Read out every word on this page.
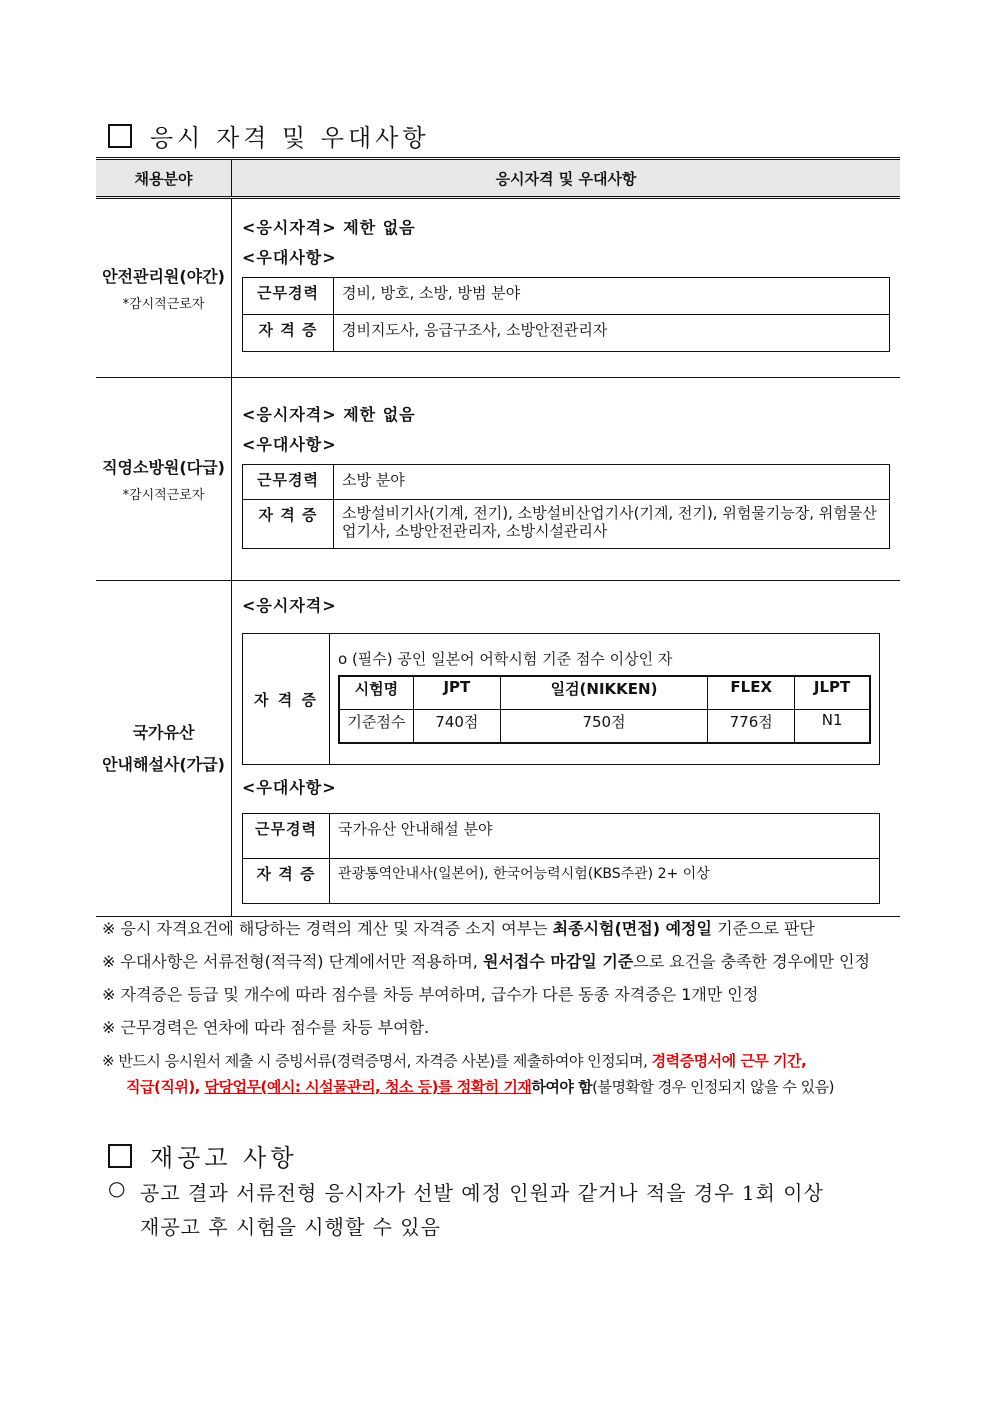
응시 자격 및 우대사항
채용분야	응시자격 및 우대사항

안전관리원(야간)
*감시적근로자

<응시자격> 제한 없음
<우대사항>
근무경력	경비, 방호, 소방, 방범 분야
자 격 증	경비지도사, 응급구조사, 소방안전관리자

직영소방원(다급)
*감시적근로자

<응시자격> 제한 없음
<우대사항>
근무경력	소방 분야
자 격 증	소방설비기사(기계, 전기), 소방설비산업기사(기계, 전기), 위험물기능장, 위험물산업기사, 소방안전관리자, 소방시설관리사

국가유산
안내해설사(가급)

<응시자격>
자 격 증
o (필수) 공인 일본어 어학시험 기준 점수 이상인 자
시험명	JPT	일검(NIKKEN)	FLEX	JLPT
기준점수	740점	750점	776점	N1
<우대사항>
근무경력	국가유산 안내해설 분야
자 격 증	관광통역안내사(일본어), 한국어능력시험(KBS주관) 2+ 이상
※ 응시 자격요건에 해당하는 경력의 계산 및 자격증 소지 여부는 최종시험(면접) 예정일 기준으로 판단
※ 우대사항은 서류전형(적극적) 단계에서만 적용하며, 원서접수 마감일 기준으로 요건을 충족한 경우에만 인정
※ 자격증은 등급 및 개수에 따라 점수를 차등 부여하며, 급수가 다른 동종 자격증은 1개만 인정
※ 근무경력은 연차에 따라 점수를 차등 부여함.
※ 반드시 응시원서 제출 시 증빙서류(경력증명서, 자격증 사본)를 제출하여야 인정되며, 경력증명서에 근무 기간,
직급(직위), 담당업무(예시: 시설물관리, 청소 등)를 정확히 기재하여야 함(불명확할 경우 인정되지 않을 수 있음)
재공고 사항
○ 공고 결과 서류전형 응시자가 선발 예정 인원과 같거나 적을 경우 1회 이상
재공고 후 시험을 시행할 수 있음
